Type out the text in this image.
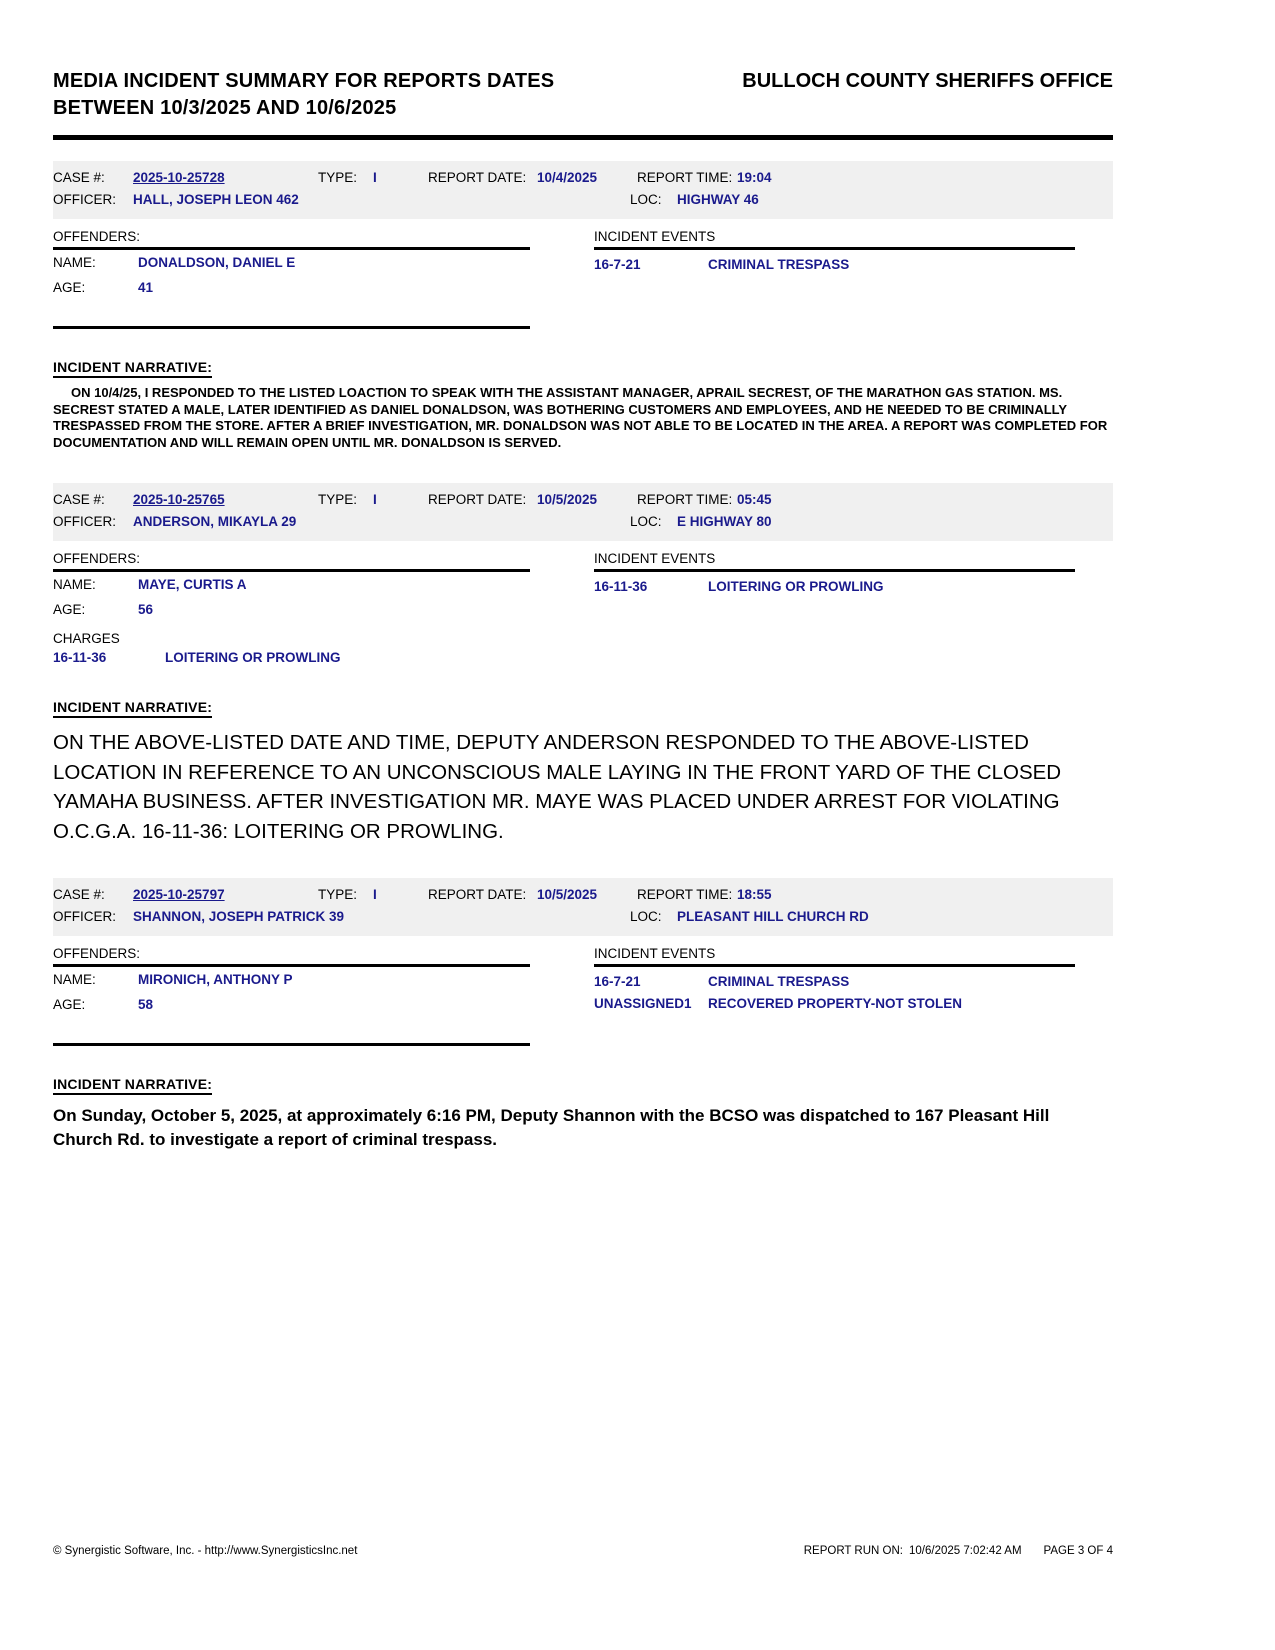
MEDIA INCIDENT SUMMARY FOR REPORTS DATES
BETWEEN 10/3/2025 AND 10/6/2025
BULLOCH COUNTY SHERIFFS OFFICE
CASE #: 2025-10-25728	TYPE: I	REPORT DATE: 10/4/2025	REPORT TIME: 19:04
OFFICER: HALL, JOSEPH LEON 462	LOC: HIGHWAY 46
OFFENDERS:
NAME:	DONALDSON, DANIEL E
AGE:	41
INCIDENT EVENTS
16-7-21	CRIMINAL TRESPASS
INCIDENT NARRATIVE:
ON 10/4/25, I RESPONDED TO THE LISTED LOACTION TO SPEAK WITH THE ASSISTANT MANAGER, APRAIL SECREST, OF THE MARATHON GAS STATION. MS. SECREST STATED A MALE, LATER IDENTIFIED AS DANIEL DONALDSON, WAS BOTHERING CUSTOMERS AND EMPLOYEES, AND HE NEEDED TO BE CRIMINALLY TRESPASSED FROM THE STORE. AFTER A BRIEF INVESTIGATION, MR. DONALDSON WAS NOT ABLE TO BE LOCATED IN THE AREA. A REPORT WAS COMPLETED FOR DOCUMENTATION AND WILL REMAIN OPEN UNTIL MR. DONALDSON IS SERVED.
CASE #: 2025-10-25765	TYPE: I	REPORT DATE: 10/5/2025	REPORT TIME: 05:45
OFFICER: ANDERSON, MIKAYLA 29	LOC: E HIGHWAY 80
OFFENDERS:
NAME:	MAYE, CURTIS A
AGE:	56
CHARGES
16-11-36	LOITERING OR PROWLING
INCIDENT EVENTS
16-11-36	LOITERING OR PROWLING
INCIDENT NARRATIVE:
ON THE ABOVE-LISTED DATE AND TIME, DEPUTY ANDERSON RESPONDED TO THE ABOVE-LISTED LOCATION IN REFERENCE TO AN UNCONSCIOUS MALE LAYING IN THE FRONT YARD OF THE CLOSED YAMAHA BUSINESS. AFTER INVESTIGATION MR. MAYE WAS PLACED UNDER ARREST FOR VIOLATING O.C.G.A. 16-11-36: LOITERING OR PROWLING.
CASE #: 2025-10-25797	TYPE: I	REPORT DATE: 10/5/2025	REPORT TIME: 18:55
OFFICER: SHANNON, JOSEPH PATRICK 39	LOC: PLEASANT HILL CHURCH RD
OFFENDERS:
NAME:	MIRONICH, ANTHONY P
AGE:	58
INCIDENT EVENTS
16-7-21	CRIMINAL TRESPASS
UNASSIGNED1 RECOVERED PROPERTY-NOT STOLEN
INCIDENT NARRATIVE:
On Sunday, October 5, 2025, at approximately 6:16 PM, Deputy Shannon with the BCSO was dispatched to 167 Pleasant Hill Church Rd. to investigate a report of criminal trespass.
© Synergistic Software, Inc. - http://www.SynergisticsInc.net	REPORT RUN ON: 10/6/2025 7:02:42 AM PAGE 3 OF 4
